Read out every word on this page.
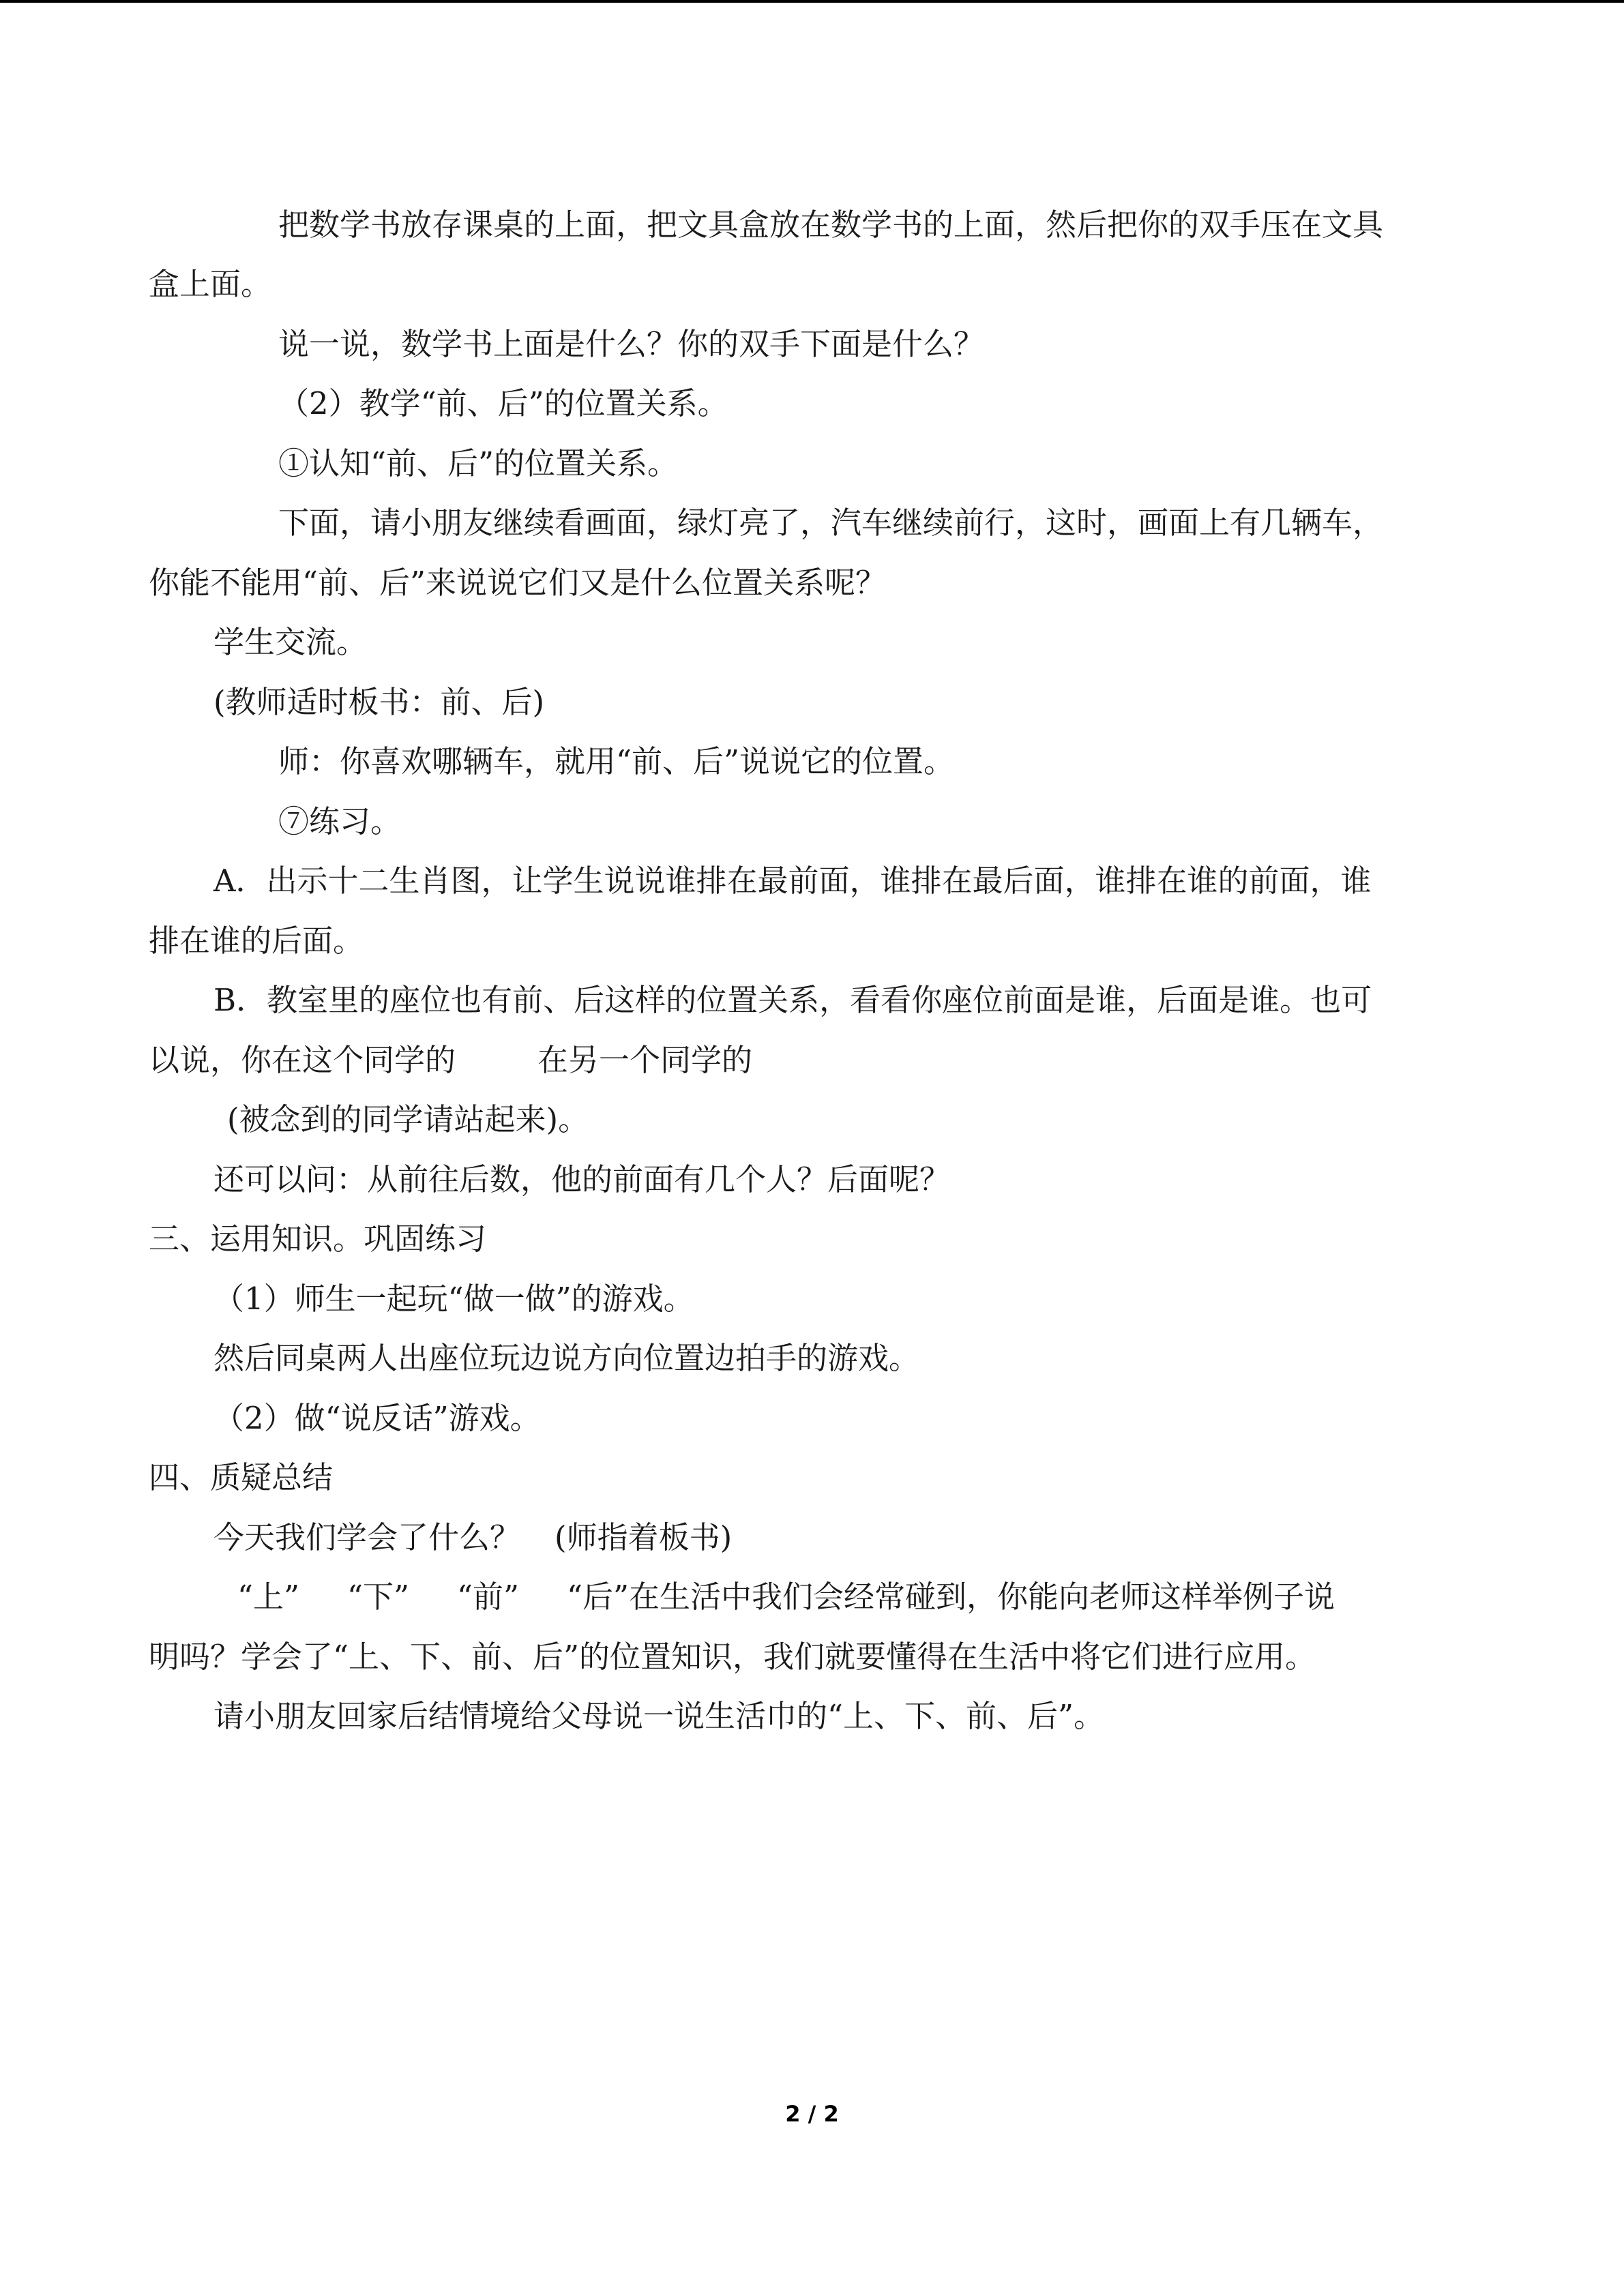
把数学书放存课桌的上面，把文具盒放在数学书的上面，然后把你的双手压在文具
盒上面。
说一说，数学书上面是什么？你的双手下面是什么？
（2）教学“前、后”的位置关系。
①认知“前、后”的位置关系。
下面，请小朋友继续看画面，绿灯亮了，汽车继续前行，这时，画面上有几辆车，
你能不能用“前、后”来说说它们又是什么位置关系呢？
学生交流。
(教师适时板书：前、后)
师：你喜欢哪辆车，就用“前、后”说说它的位置。
⑦练习。
A．出示十二生肖图，让学生说说谁排在最前面，谁排在最后面，谁排在谁的前面，谁
排在谁的后面。
B．教室里的座位也有前、后这样的位置关系，看看你座位前面是谁，后面是谁。也可
以说，你在这个同学的	在另一个同学的
(被念到的同学请站起来)。
还可以问：从前往后数，他的前面有几个人？后面呢？
三、运用知识。巩固练习
（1）师生一起玩“做一做”的游戏。
然后同桌两人出座位玩边说方向位置边拍手的游戏。
（2）做“说反话”游戏。
四、质疑总结
今天我们学会了什么？ (师指着板书)
“上” “下” “前” “后”在生活中我们会经常碰到，你能向老师这样举例子说
明吗？学会了“上、下、前、后”的位置知识，我们就要懂得在生活中将它们进行应用。
请小朋友回家后结情境给父母说一说生活巾的“上、下、前、后”。
2 / 2
